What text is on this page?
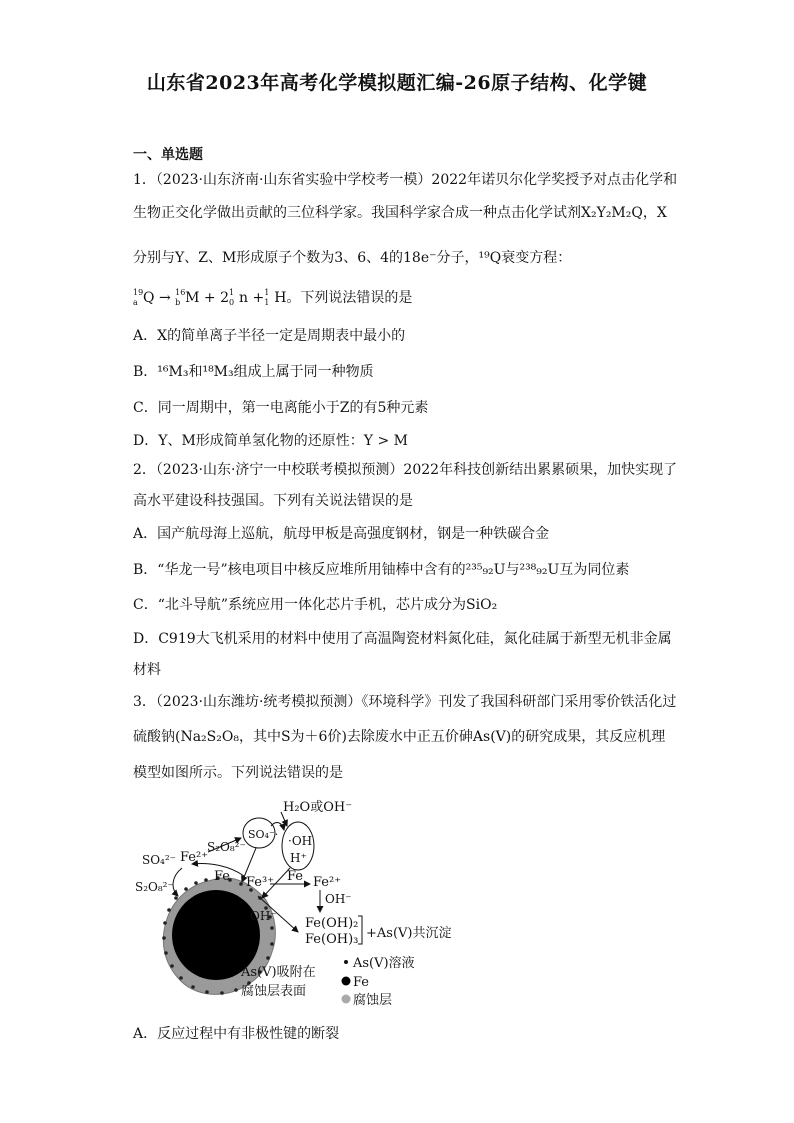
山东省2023年高考化学模拟题汇编-26原子结构、化学键
一、单选题
1．（2023·山东济南·山东省实验中学校考一模）2022年诺贝尔化学奖授予对点击化学和
生物正交化学做出贡献的三位科学家。我国科学家合成一种点击化学试剂X₂Y₂M₂Q，X
分别与Y、Z、M形成原子个数为3、6、4的18e⁻分子，¹⁹Q衰变方程：
19
a Q → 16
b M + 2 1
0 n + 1
1 H。下列说法错误的是
A．X的简单离子半径一定是周期表中最小的
B．¹⁶M₃和¹⁸M₃组成上属于同一种物质
C．同一周期中，第一电离能小于Z的有5种元素
D．Y、M形成简单氢化物的还原性：Y > M
2．（2023·山东·济宁一中校联考模拟预测）2022年科技创新结出累累硕果，加快实现了
高水平建设科技强国。下列有关说法错误的是
A．国产航母海上巡航，航母甲板是高强度钢材，钢是一种铁碳合金
B．“华龙一号”核电项目中核反应堆所用铀棒中含有的²³⁵₉₂U与²³⁸₉₂U互为同位素
C．“北斗导航”系统应用一体化芯片手机，芯片成分为SiO₂
D．C919大飞机采用的材料中使用了高温陶瓷材料氮化硅，氮化硅属于新型无机非金属
材料
3．（2023·山东潍坊·统考模拟预测）《环境科学》刊发了我国科研部门采用零价铁活化过
硫酸钠(Na₂S₂O₈，其中S为＋6价)去除废水中正五价砷As(V)的研究成果，其反应机理
模型如图所示。下列说法错误的是
H₂O或OH⁻
SO₄⁻· ·OH
H⁺
Fe²⁺
S₂O₈²⁻
SO₄²⁻
S₂O₈²⁻
Fe Fe³⁺ Fe Fe²⁺
OH⁻
OH⁻ Fe(OH)₂
Fe(OH)₃ +As(V)共沉淀
As(V)吸附在
腐蚀层表面
As(V)溶液
Fe
腐蚀层
A．反应过程中有非极性键的断裂
